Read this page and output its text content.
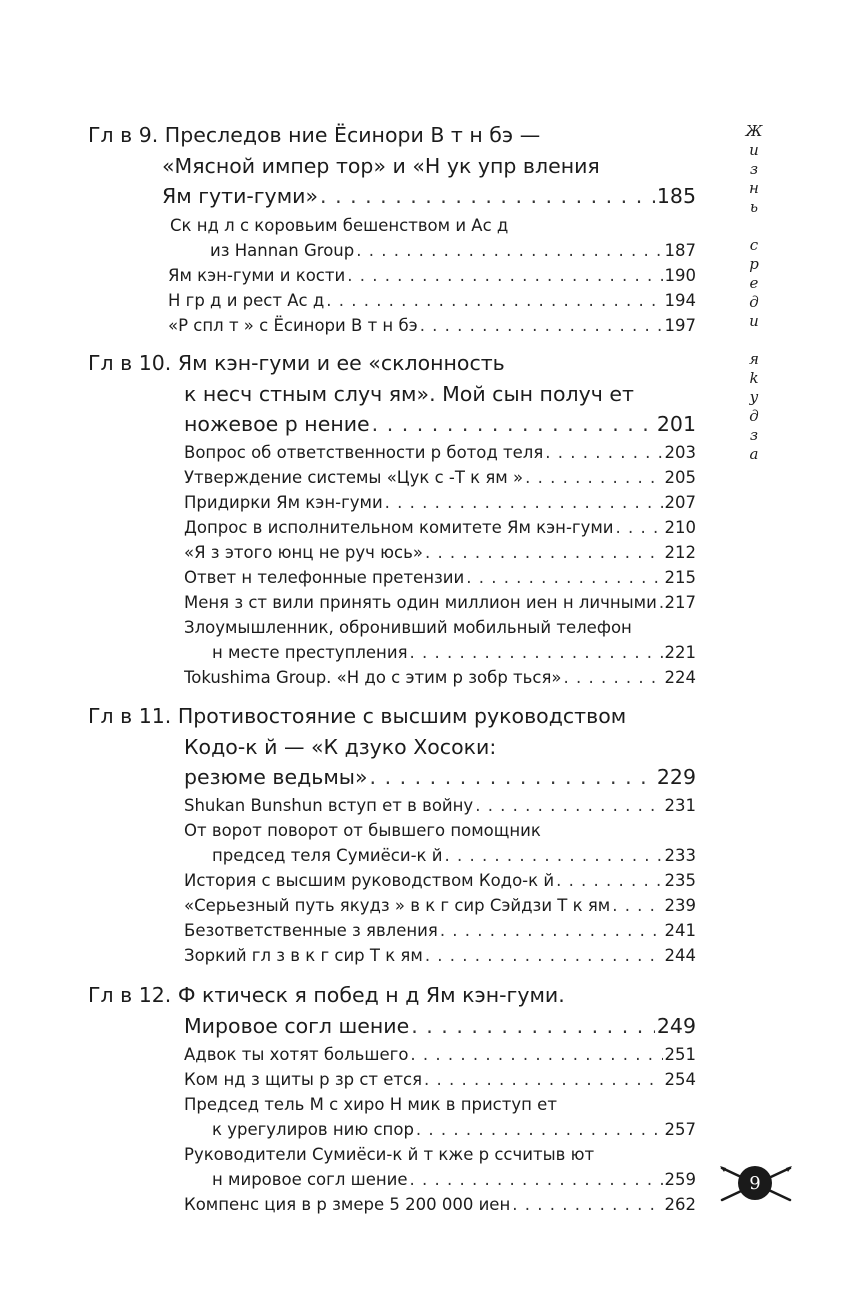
Гл в 9. Преследов ние Ёсинори В т н бэ —
«Мясной импер тор» и «Н ук упр вления
Ям гути-гуми» . . .	185
Ск нд л с коровьим бешенством и Ас д
из Hannan Group . . .	187
Ям кэн-гуми и кости . . .	190
Н гр д и рест Ас д . . .	194
«Р спл т » с Ёсинори В т н бэ . . .	197
Гл в 10. Ям кэн-гуми и ее «склонность
к несч стным случ ям». Мой сын получ ет
ножевое р нение . . .	201
Вопрос об ответственности р ботод теля . . .	203
Утверждение системы «Цук с -Т к ям » . . .	205
Придирки Ям кэн-гуми . . .	207
Допрос в исполнительном комитете Ям кэн-гуми . . .	210
«Я з этого юнц не руч юсь» . . .	212
Ответ н телефонные претензии . . .	215
Меня з ст вили принять один миллион иен н личными . . . 217
Злоумышленник, обронивший мобильный телефон
н месте преступления . . .	221
Tokushima Group. «Н до с этим р зобр ться» . . .	224
Гл в 11. Противостояние с высшим руководством
Кодо-к й — «К дзуко Хосоки:
резюме ведьмы» . . .	229
Shukan Bunshun вступ ет в войну . . .	231
От ворот поворот от бывшего помощник
председ теля Сумиёси-к й . . .	233
История с высшим руководством Кодо-к й . . .	235
«Серьезный путь якудз » в к г сир Сэйдзи Т к ям . . .	239
Безответственные з явления . . .	241
Зоркий гл з в к г сир Т к ям . . .	244
Гл в 12. Ф ктическ я побед н д Ям кэн-гуми.
Мировое согл шение . . .	249
Адвок ты хотят большего . . .	251
Ком нд з щиты р зр ст ется . . .	254
Председ тель М с хиро Н мик в приступ ет
к урегулиров нию спор . . .	257
Руководители Сумиёси-к й т кже р ссчитыв ют
н мировое согл шение . . .	259
Компенс ция в р змере 5 200 000 иен . . .	262
Ж
и
з
н
ь
с
р
е
д
и
я
k
у
д
з
а
9
